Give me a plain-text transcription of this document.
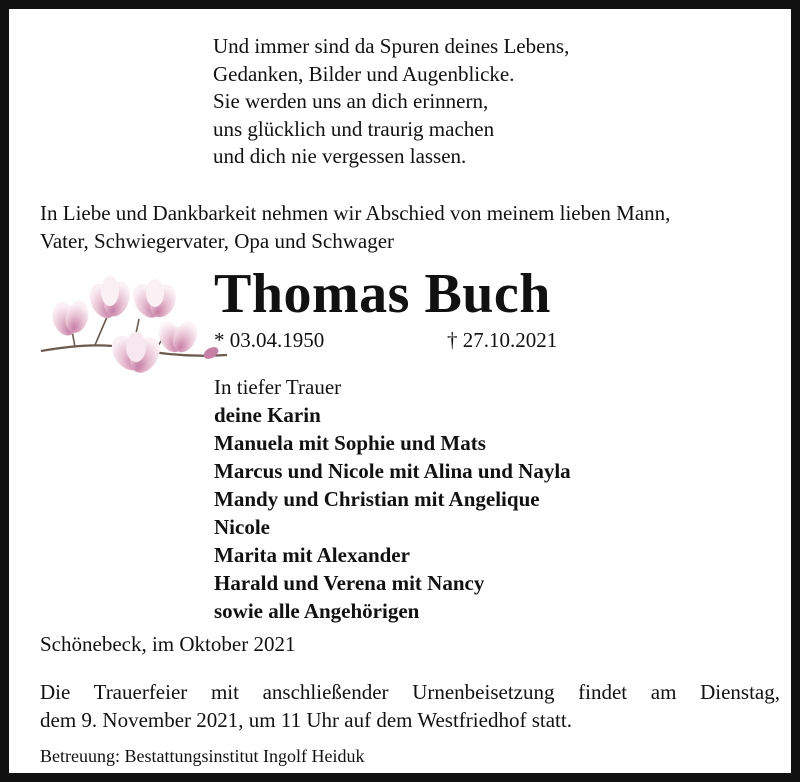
Und immer sind da Spuren deines Lebens,
Gedanken, Bilder und Augenblicke.
Sie werden uns an dich erinnern,
uns glücklich und traurig machen
und dich nie vergessen lassen.
In Liebe und Dankbarkeit nehmen wir Abschied von meinem lieben Mann,
Vater, Schwiegervater, Opa und Schwager
Thomas Buch
* 03.04.1950	† 27.10.2021
In tiefer Trauer
deine Karin
Manuela mit Sophie und Mats
Marcus und Nicole mit Alina und Nayla
Mandy und Christian mit Angelique
Nicole
Marita mit Alexander
Harald und Verena mit Nancy
sowie alle Angehörigen
Schönebeck, im Oktober 2021
Die Trauerfeier mit anschließender Urnenbeisetzung findet am Dienstag,
dem 9. November 2021, um 11 Uhr auf dem Westfriedhof statt.
Betreuung: Bestattungsinstitut Ingolf Heiduk
